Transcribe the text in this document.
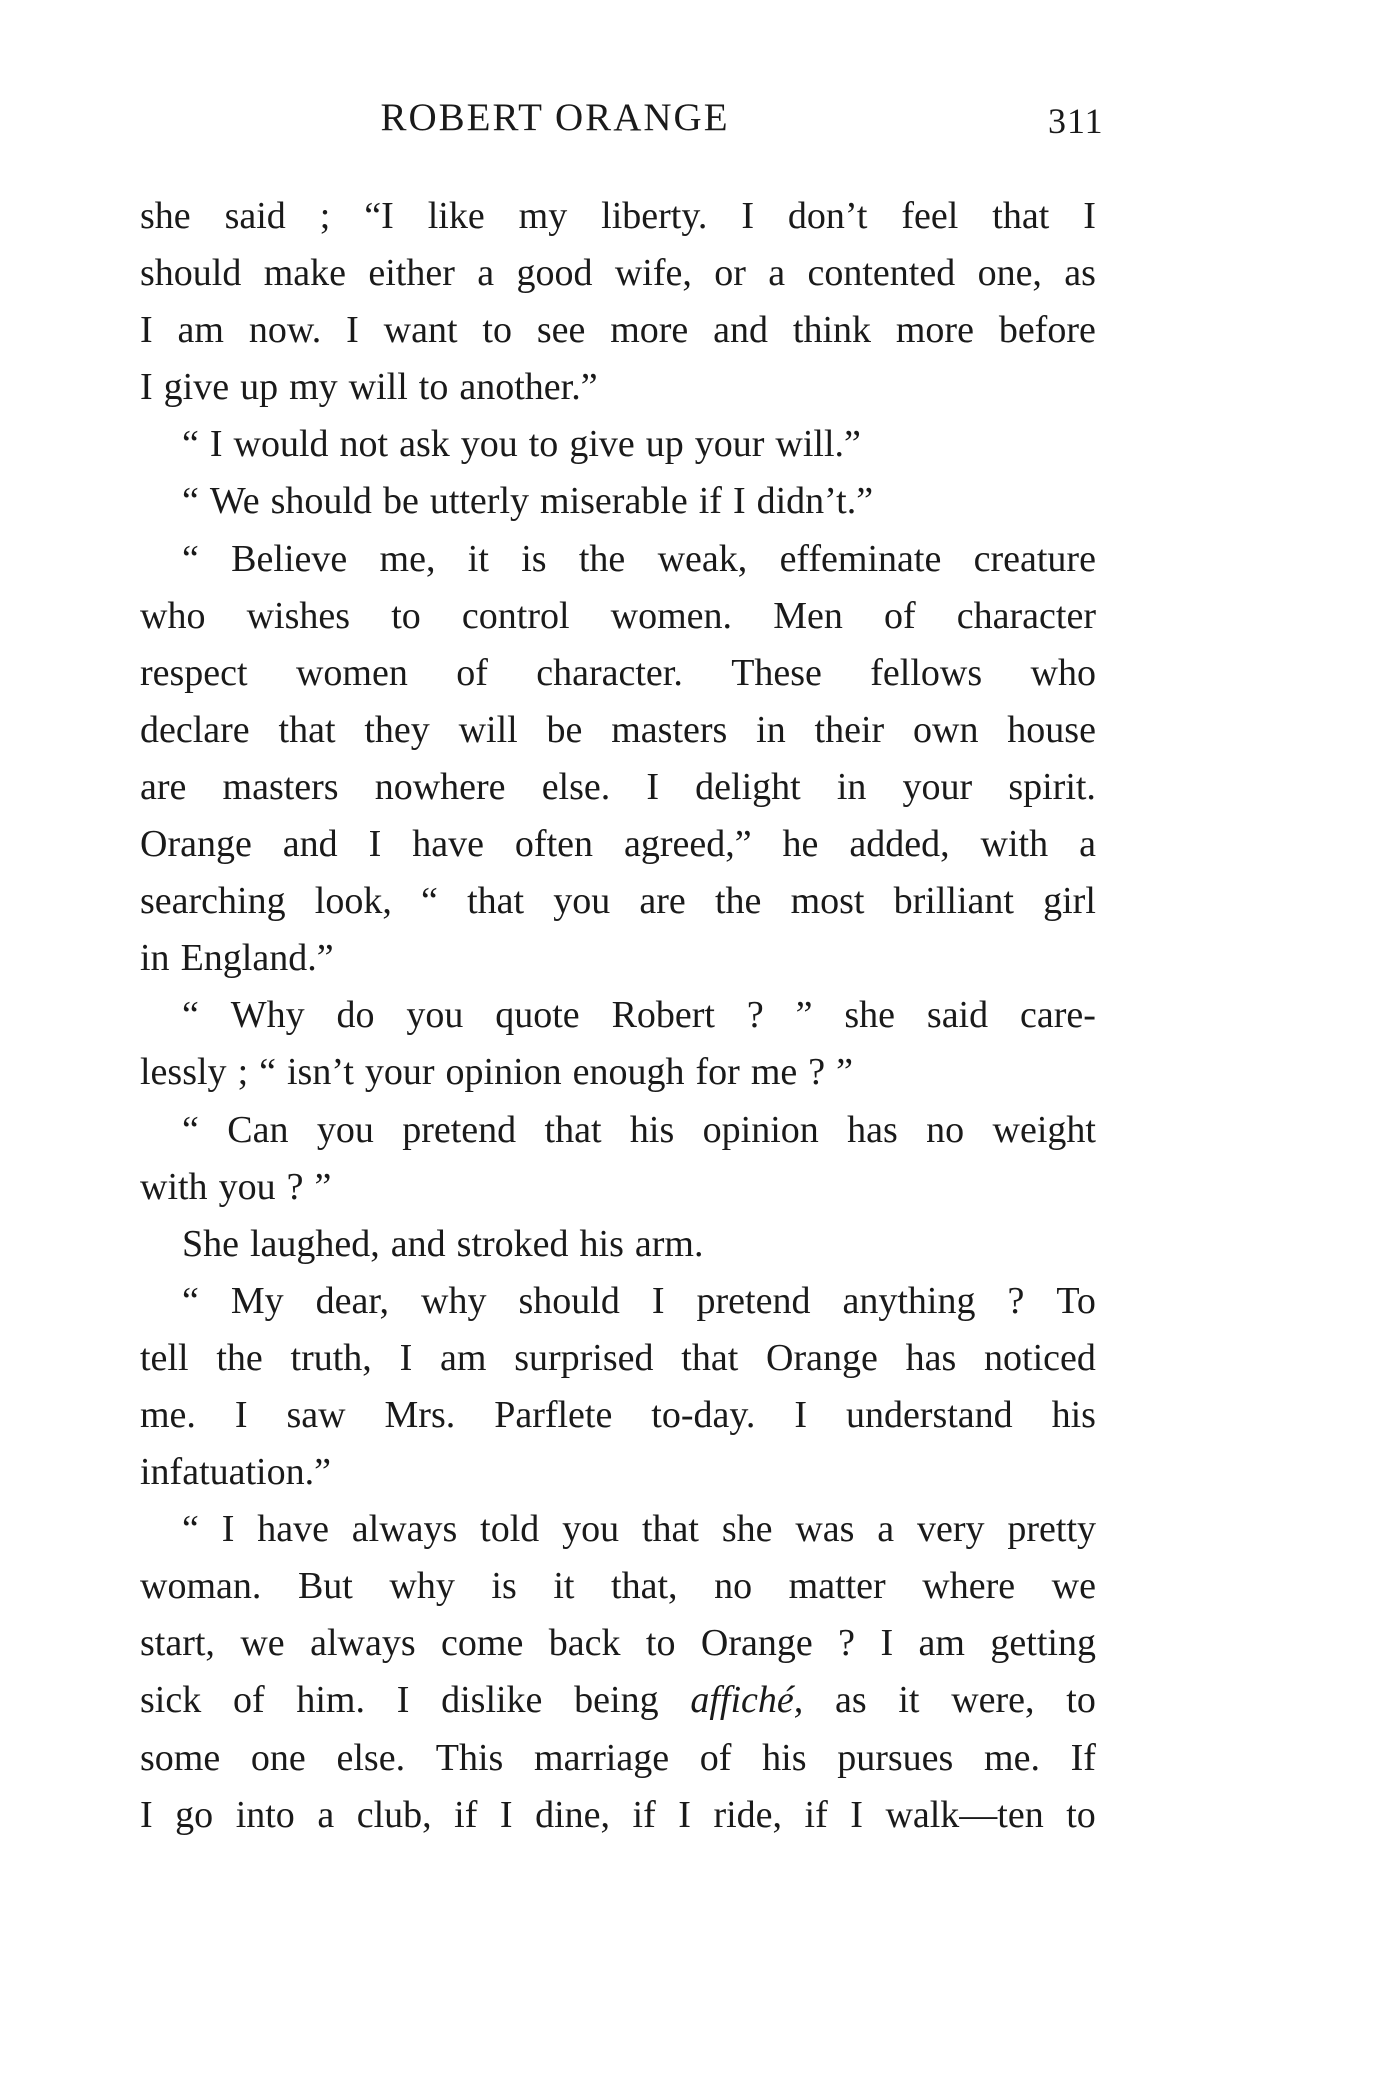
ROBERT ORANGE	311
she said ; “I like my liberty. I don’t feel that I
should make either a good wife, or a contented one, as
I am now. I want to see more and think more before
I give up my will to another.”
“ I would not ask you to give up your will.”
“ We should be utterly miserable if I didn’t.”
“ Believe me, it is the weak, effeminate creature
who wishes to control women. Men of character
respect women of character. These fellows who
declare that they will be masters in their own house
are masters nowhere else. I delight in your spirit.
Orange and I have often agreed,” he added, with a
searching look, “ that you are the most brilliant girl
in England.”
“ Why do you quote Robert ? ” she said care-
lessly ; “ isn’t your opinion enough for me ? ”
“ Can you pretend that his opinion has no weight
with you ? ”
She laughed, and stroked his arm.
“ My dear, why should I pretend anything ? To
tell the truth, I am surprised that Orange has noticed
me. I saw Mrs. Parflete to-day. I understand his
infatuation.”
“ I have always told you that she was a very pretty
woman. But why is it that, no matter where we
start, we always come back to Orange ? I am getting
sick of him. I dislike being affiché, as it were, to
some one else. This marriage of his pursues me. If
I go into a club, if I dine, if I ride, if I walk—ten to
